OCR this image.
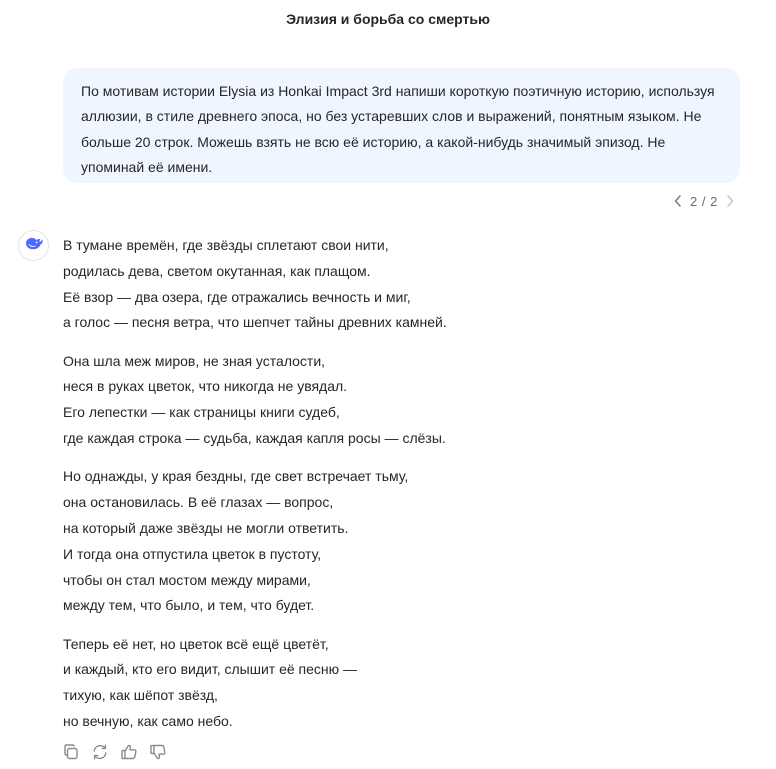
Элизия и борьба со смертью

По мотивам истории Elysia из Honkai Impact 3rd напиши короткую поэтичную историю, используя аллюзии, в стиле древнего эпоса, но без устаревших слов и выражений, понятным языком. Не больше 20 строк. Можешь взять не всю её историю, а какой-нибудь значимый эпизод. Не упоминай её имени.

2 / 2
В тумане времён, где звёзды сплетают свои нити,
родилась дева, светом окутанная, как плащом.
Её взор — два озера, где отражались вечность и миг,
а голос — песня ветра, что шепчет тайны древних камней.
Она шла меж миров, не зная усталости,
неся в руках цветок, что никогда не увядал.
Его лепестки — как страницы книги судеб,
где каждая строка — судьба, каждая капля росы — слёзы.
Но однажды, у края бездны, где свет встречает тьму,
она остановилась. В её глазах — вопрос,
на который даже звёзды не могли ответить.
И тогда она отпустила цветок в пустоту,
чтобы он стал мостом между мирами,
между тем, что было, и тем, что будет.
Теперь её нет, но цветок всё ещё цветёт,
и каждый, кто его видит, слышит её песню —
тихую, как шёпот звёзд,
но вечную, как само небо.
